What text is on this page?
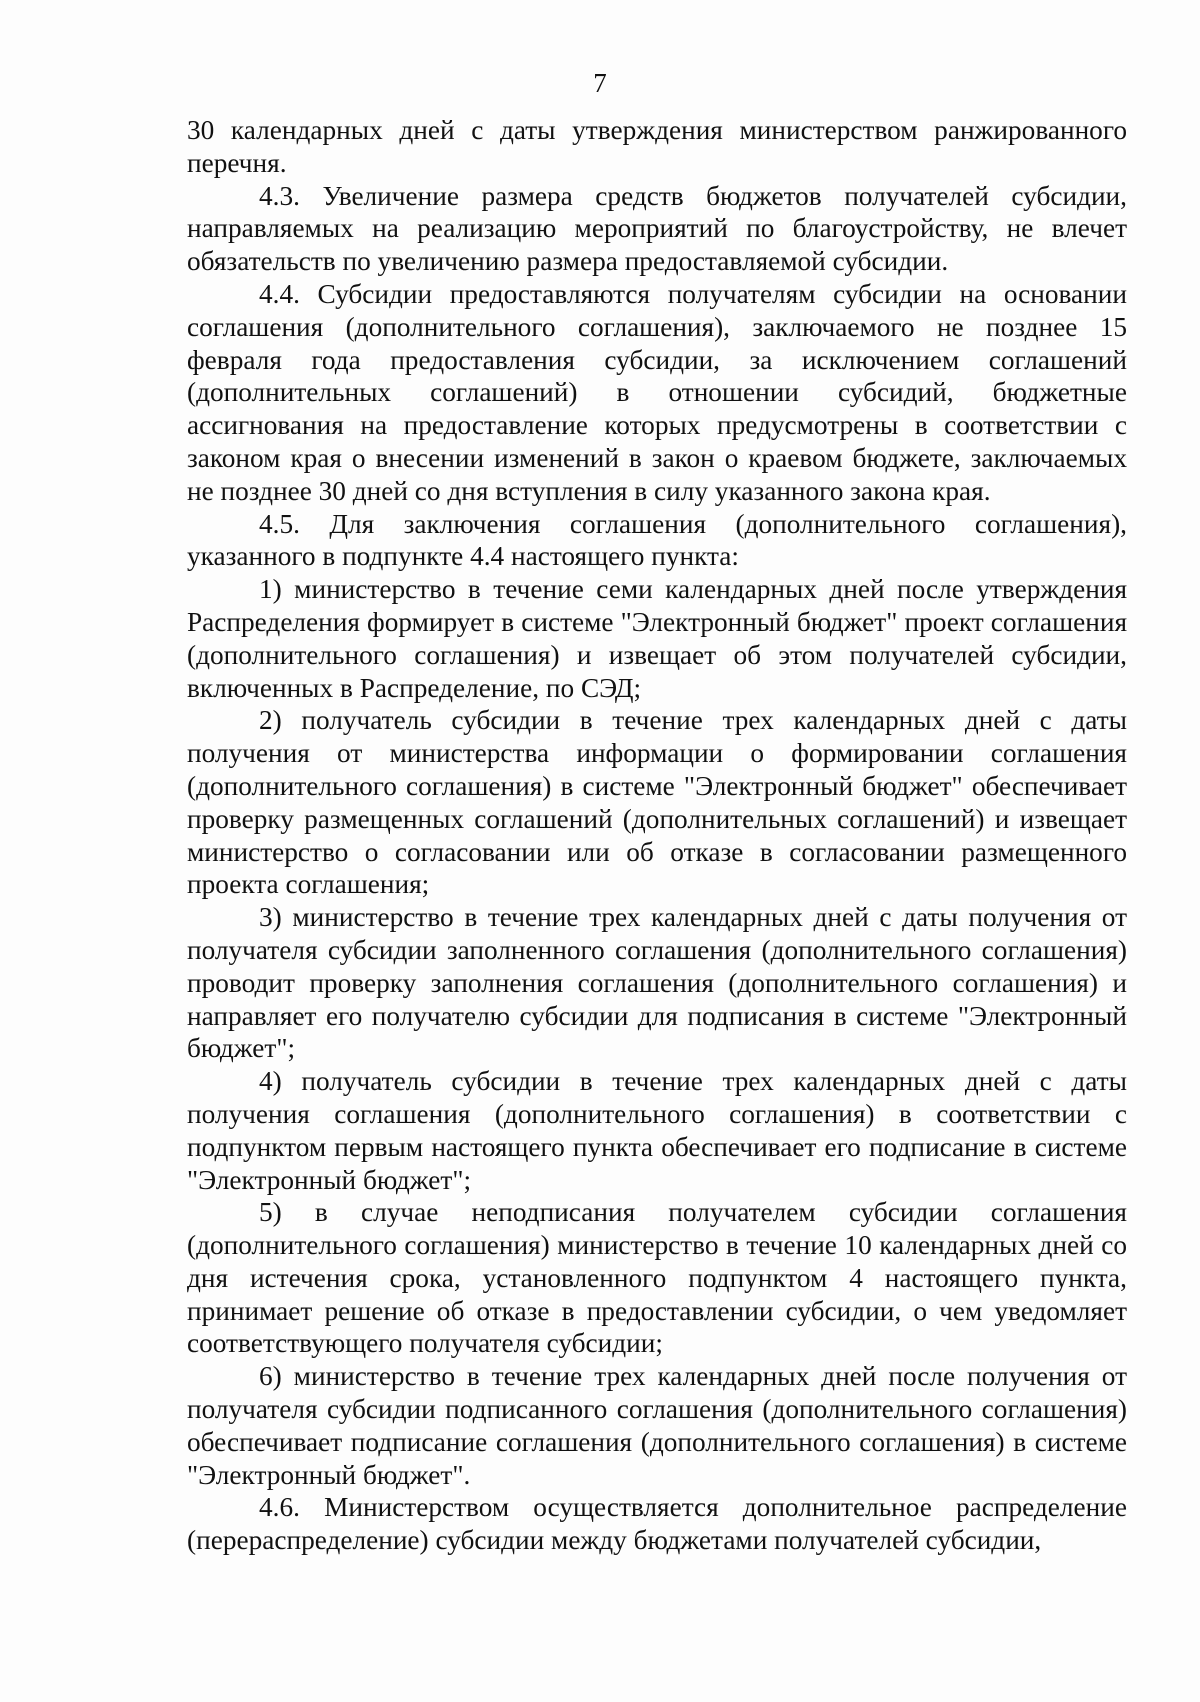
7

30 календарных дней с даты утверждения министерством ранжированного перечня.

4.3. Увеличение размера средств бюджетов получателей субсидии, направляемых на реализацию мероприятий по благоустройству, не влечет обязательств по увеличению размера предоставляемой субсидии.

4.4. Субсидии предоставляются получателям субсидии на основании соглашения (дополнительного соглашения), заключаемого не позднее 15 февраля года предоставления субсидии, за исключением соглашений (дополнительных соглашений) в отношении субсидий, бюджетные ассигнования на предоставление которых предусмотрены в соответствии с законом края о внесении изменений в закон о краевом бюджете, заключаемых не позднее 30 дней со дня вступления в силу указанного закона края.

4.5. Для заключения соглашения (дополнительного соглашения), указанного в подпункте 4.4 настоящего пункта:

1) министерство в течение семи календарных дней после утверждения Распределения формирует в системе "Электронный бюджет" проект соглашения (дополнительного соглашения) и извещает об этом получателей субсидии, включенных в Распределение, по СЭД;

2) получатель субсидии в течение трех календарных дней с даты получения от министерства информации о формировании соглашения (дополнительного соглашения) в системе "Электронный бюджет" обеспечивает проверку размещенных соглашений (дополнительных соглашений) и извещает министерство о согласовании или об отказе в согласовании размещенного проекта соглашения;

3) министерство в течение трех календарных дней с даты получения от получателя субсидии заполненного соглашения (дополнительного соглашения) проводит проверку заполнения соглашения (дополнительного соглашения) и направляет его получателю субсидии для подписания в системе "Электронный бюджет";

4) получатель субсидии в течение трех календарных дней с даты получения соглашения (дополнительного соглашения) в соответствии с подпунктом первым настоящего пункта обеспечивает его подписание в системе "Электронный бюджет";

5) в случае неподписания получателем субсидии соглашения (дополнительного соглашения) министерство в течение 10 календарных дней со дня истечения срока, установленного подпунктом 4 настоящего пункта, принимает решение об отказе в предоставлении субсидии, о чем уведомляет соответствующего получателя субсидии;

6) министерство в течение трех календарных дней после получения от получателя субсидии подписанного соглашения (дополнительного соглашения) обеспечивает подписание соглашения (дополнительного соглашения) в системе "Электронный бюджет".

4.6. Министерством осуществляется дополнительное распределение (перераспределение) субсидии между бюджетами получателей субсидии,
